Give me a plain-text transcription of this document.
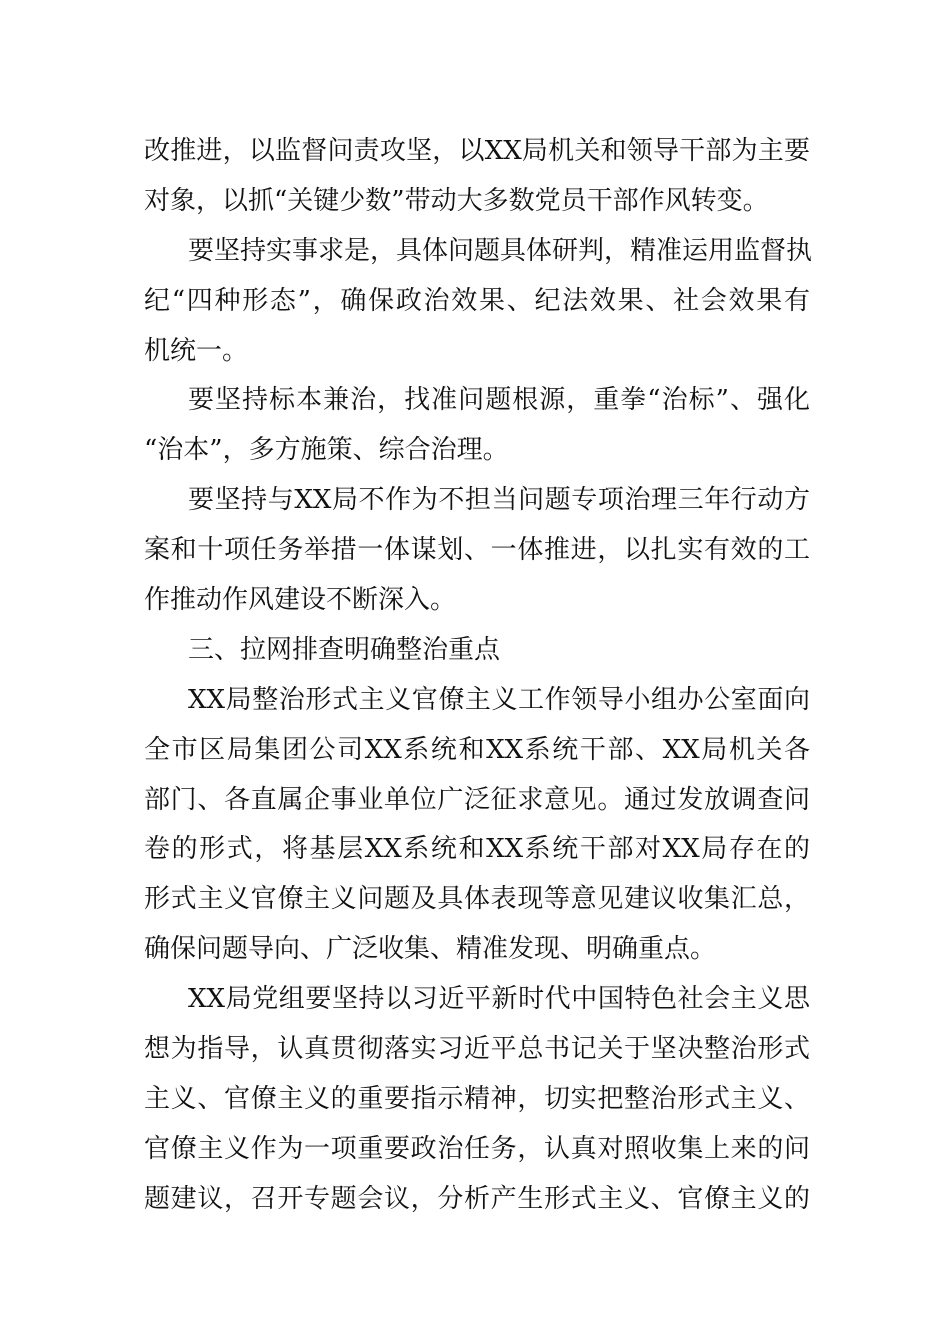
改推进，以监督问责攻坚，以XX局机关和领导干部为主要
对象，以抓“关键少数”带动大多数党员干部作风转变。
要坚持实事求是，具体问题具体研判，精准运用监督执
纪“四种形态”，确保政治效果、纪法效果、社会效果有
机统一。
要坚持标本兼治，找准问题根源，重拳“治标”、强化
“治本”，多方施策、综合治理。
要坚持与XX局不作为不担当问题专项治理三年行动方
案和十项任务举措一体谋划、一体推进，以扎实有效的工
作推动作风建设不断深入。
三、拉网排查明确整治重点
XX局整治形式主义官僚主义工作领导小组办公室面向
全市区局集团公司XX系统和XX系统干部、XX局机关各
部门、各直属企事业单位广泛征求意见。通过发放调查问
卷的形式，将基层XX系统和XX系统干部对XX局存在的
形式主义官僚主义问题及具体表现等意见建议收集汇总，
确保问题导向、广泛收集、精准发现、明确重点。
XX局党组要坚持以习近平新时代中国特色社会主义思
想为指导，认真贯彻落实习近平总书记关于坚决整治形式
主义、官僚主义的重要指示精神，切实把整治形式主义、
官僚主义作为一项重要政治任务，认真对照收集上来的问
题建议，召开专题会议，分析产生形式主义、官僚主义的
